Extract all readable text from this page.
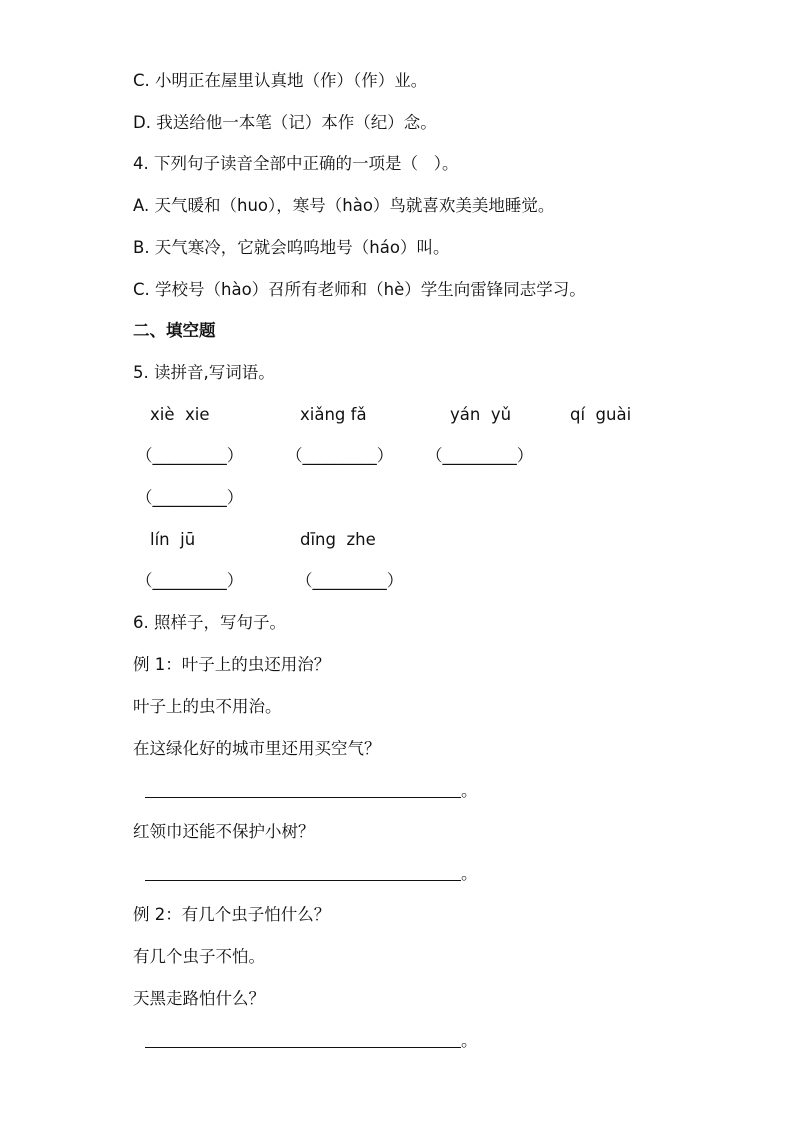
C. 小明正在屋里认真地（作）（作）业。
D. 我送给他一本笔（记）本作（纪）念。
4. 下列句子读音全部中正确的一项是（   ）。
A. 天气暖和（huo），寒号（hào）鸟就喜欢美美地睡觉。
B. 天气寒冷，它就会呜呜地号（háo）叫。
C. 学校号（hào）召所有老师和（hè）学生向雷锋同志学习。
二、填空题
5. 读拼音,写词语。
xiè  xie	xiǎng fǎ	yán  yǔ	qí  guài
（_________）	（_________） （_________）
（_________）
lín  jū	dīng  zhe
（_________）	（_________）
6. 照样子，写句子。
例 1：叶子上的虫还用治？
叶子上的虫不用治。
在这绿化好的城市里还用买空气？
。
红领巾还能不保护小树？
。
例 2：有几个虫子怕什么？
有几个虫子不怕。
天黑走路怕什么？
。
